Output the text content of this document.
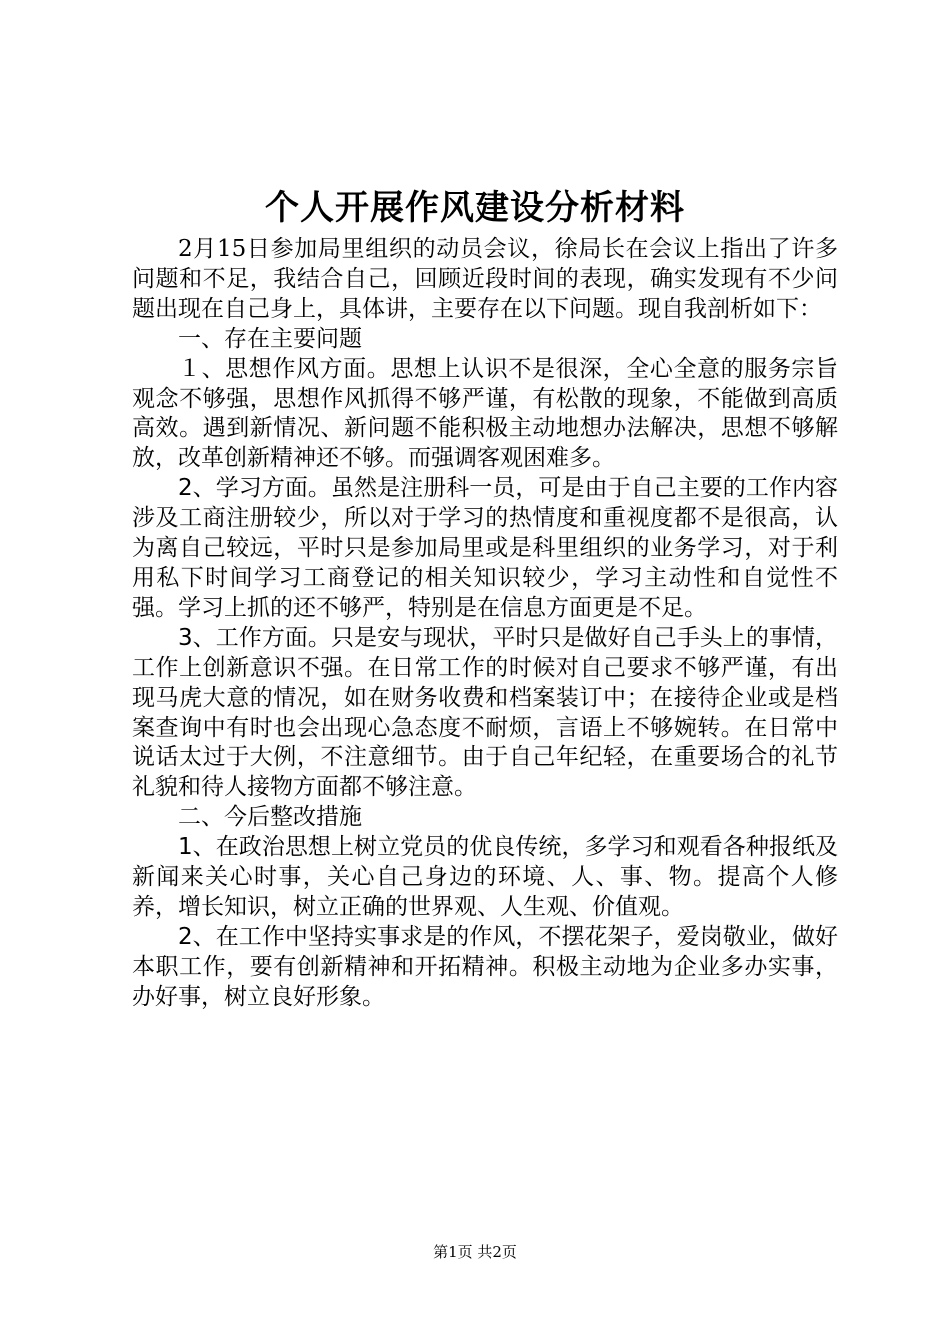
个人开展作风建设分析材料

2月15日参加局里组织的动员会议，徐局长在会议上指出了许多问题和不足，我结合自己，回顾近段时间的表现，确实发现有不少问题出现在自己身上，具体讲，主要存在以下问题。现自我剖析如下：

一、存在主要问题

１、思想作风方面。思想上认识不是很深，全心全意的服务宗旨观念不够强，思想作风抓得不够严谨，有松散的现象，不能做到高质高效。遇到新情况、新问题不能积极主动地想办法解决，思想不够解放，改革创新精神还不够。而强调客观困难多。

2、学习方面。虽然是注册科一员，可是由于自己主要的工作内容涉及工商注册较少，所以对于学习的热情度和重视度都不是很高，认为离自己较远，平时只是参加局里或是科里组织的业务学习，对于利用私下时间学习工商登记的相关知识较少，学习主动性和自觉性不强。学习上抓的还不够严，特别是在信息方面更是不足。

3、工作方面。只是安与现状，平时只是做好自己手头上的事情，工作上创新意识不强。在日常工作的时候对自己要求不够严谨，有出现马虎大意的情况，如在财务收费和档案装订中；在接待企业或是档案查询中有时也会出现心急态度不耐烦，言语上不够婉转。在日常中说话太过于大例，不注意细节。由于自己年纪轻，在重要场合的礼节礼貌和待人接物方面都不够注意。

二、今后整改措施

1、在政治思想上树立党员的优良传统，多学习和观看各种报纸及新闻来关心时事，关心自己身边的环境、人、事、物。提高个人修养，增长知识，树立正确的世界观、人生观、价值观。

2、在工作中坚持实事求是的作风，不摆花架子，爱岗敬业，做好本职工作，要有创新精神和开拓精神。积极主动地为企业多办实事，办好事，树立良好形象。

第1页 共2页
